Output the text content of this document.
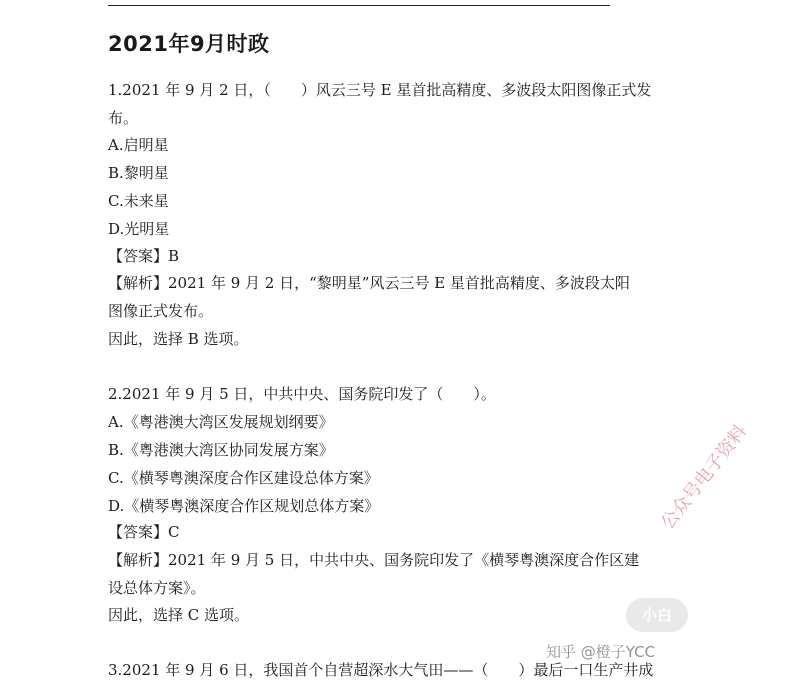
2021年9月时政
1.2021 年 9 月 2 日，（　　）风云三号 E 星首批高精度、多波段太阳图像正式发
布。
A.启明星
B.黎明星
C.未来星
D.光明星
【答案】B
【解析】2021 年 9 月 2 日，“黎明星”风云三号 E 星首批高精度、多波段太阳
图像正式发布。
因此，选择 B 选项。
2.2021 年 9 月 5 日，中共中央、国务院印发了（　　）。
A.《粤港澳大湾区发展规划纲要》
B.《粤港澳大湾区协同发展方案》
C.《横琴粤澳深度合作区建设总体方案》
D.《横琴粤澳深度合作区规划总体方案》
【答案】C
【解析】2021 年 9 月 5 日，中共中央、国务院印发了《横琴粤澳深度合作区建
设总体方案》。
因此，选择 C 选项。
3.2021 年 9 月 6 日，我国首个自营超深水大气田——（　　）最后一口生产井成
公众号电子资料
小白
知乎 @橙子YCC
